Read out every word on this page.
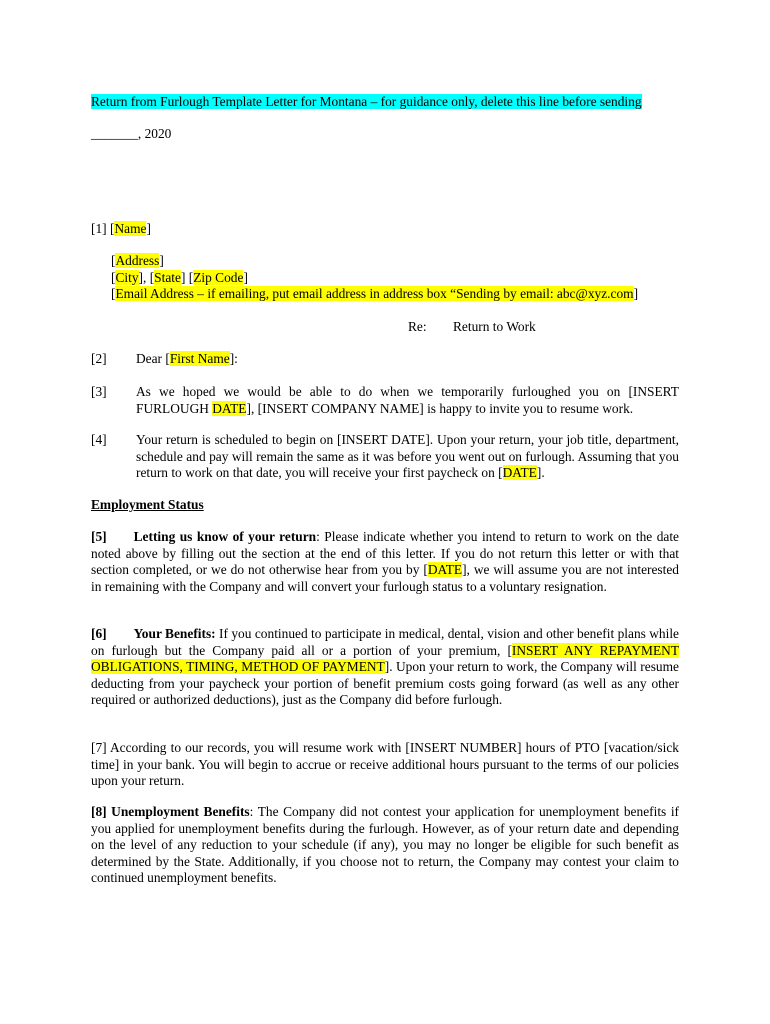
Return from Furlough Template Letter for Montana – for guidance only, delete this line before sending
_______, 2020
[1] [Name]
[Address]
[City], [State] [Zip Code]
[Email Address – if emailing, put email address in address box “Sending by email: abc@xyz.com]
Re: Return to Work
[2] Dear [First Name]:
[3] As we hoped we would be able to do when we temporarily furloughed you on [INSERT FURLOUGH DATE], [INSERT COMPANY NAME] is happy to invite you to resume work.
[4] Your return is scheduled to begin on [INSERT DATE]. Upon your return, your job title, department, schedule and pay will remain the same as it was before you went out on furlough. Assuming that you return to work on that date, you will receive your first paycheck on [DATE].
Employment Status
[5] Letting us know of your return: Please indicate whether you intend to return to work on the date noted above by filling out the section at the end of this letter. If you do not return this letter or with that section completed, or we do not otherwise hear from you by [DATE], we will assume you are not interested in remaining with the Company and will convert your furlough status to a voluntary resignation.
[6] Your Benefits: If you continued to participate in medical, dental, vision and other benefit plans while on furlough but the Company paid all or a portion of your premium, [INSERT ANY REPAYMENT OBLIGATIONS, TIMING, METHOD OF PAYMENT]. Upon your return to work, the Company will resume deducting from your paycheck your portion of benefit premium costs going forward (as well as any other required or authorized deductions), just as the Company did before furlough.
[7] According to our records, you will resume work with [INSERT NUMBER] hours of PTO [vacation/sick time] in your bank. You will begin to accrue or receive additional hours pursuant to the terms of our policies upon your return.
[8] Unemployment Benefits: The Company did not contest your application for unemployment benefits if you applied for unemployment benefits during the furlough. However, as of your return date and depending on the level of any reduction to your schedule (if any), you may no longer be eligible for such benefit as determined by the State. Additionally, if you choose not to return, the Company may contest your claim to continued unemployment benefits.
